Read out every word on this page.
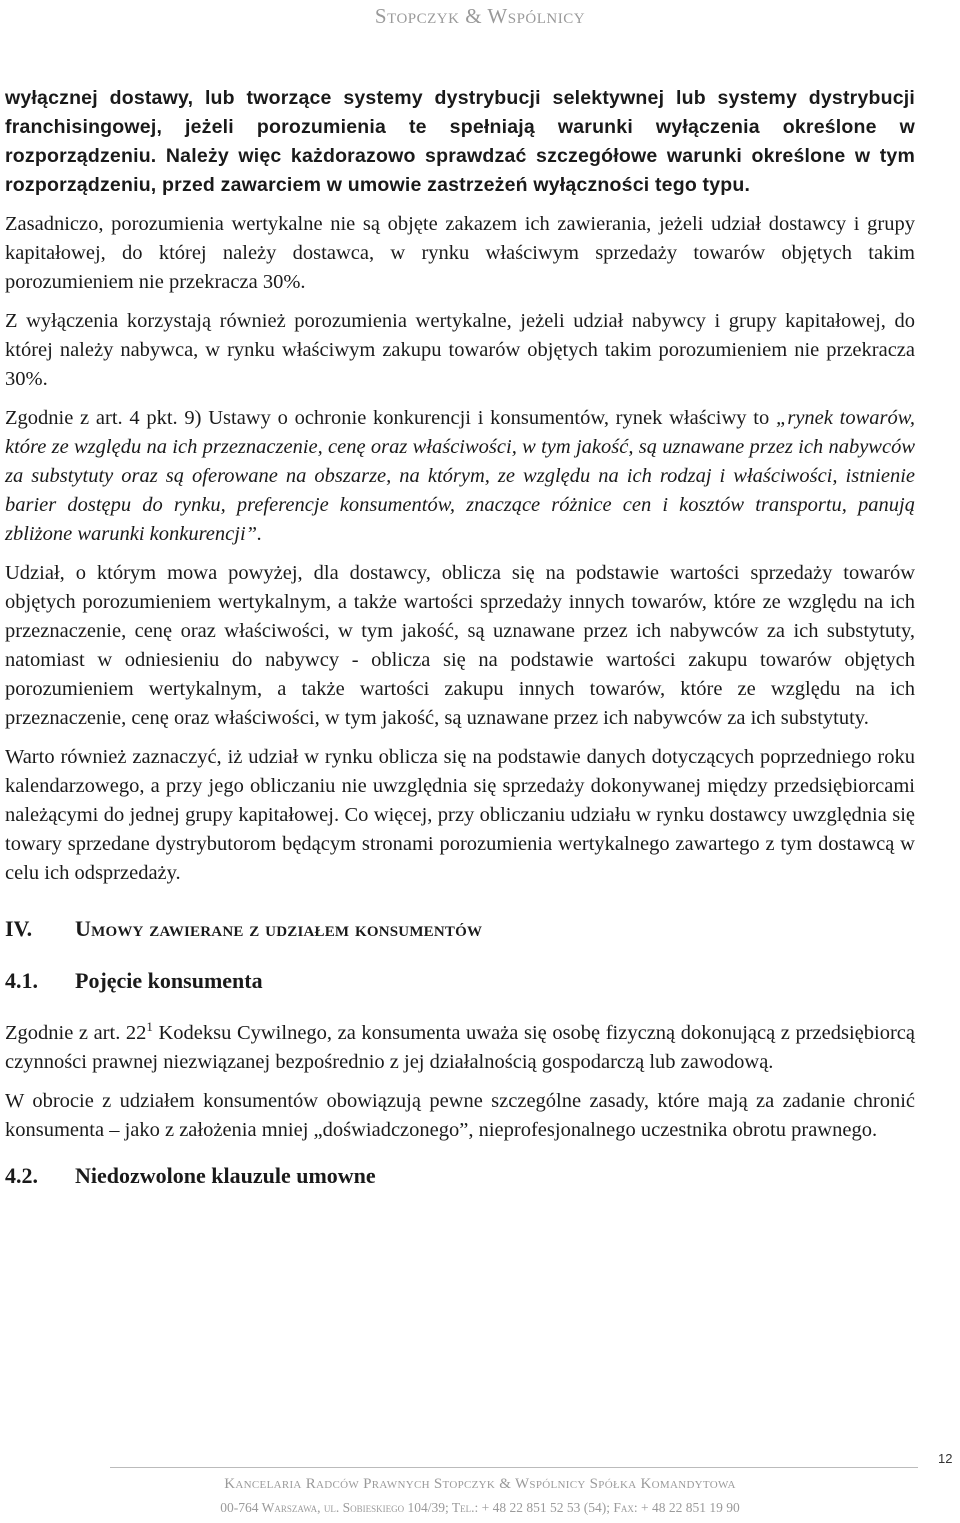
Stopczyk & Wspólnicy

wyłącznej dostawy, lub tworzące systemy dystrybucji selektywnej lub systemy dystrybucji franchisingowej, jeżeli porozumienia te spełniają warunki wyłączenia określone w rozporządzeniu. Należy więc każdorazowo sprawdzać szczegółowe warunki określone w tym rozporządzeniu, przed zawarciem w umowie zastrzeżeń wyłączności tego typu.

Zasadniczo, porozumienia wertykalne nie są objęte zakazem ich zawierania, jeżeli udział dostawcy i grupy kapitałowej, do której należy dostawca, w rynku właściwym sprzedaży towarów objętych takim porozumieniem nie przekracza 30%.

Z wyłączenia korzystają również porozumienia wertykalne, jeżeli udział nabywcy i grupy kapitałowej, do której należy nabywca, w rynku właściwym zakupu towarów objętych takim porozumieniem nie przekracza 30%.

Zgodnie z art. 4 pkt. 9) Ustawy o ochronie konkurencji i konsumentów, rynek właściwy to „rynek towarów, które ze względu na ich przeznaczenie, cenę oraz właściwości, w tym jakość, są uznawane przez ich nabywców za substytuty oraz są oferowane na obszarze, na którym, ze względu na ich rodzaj i właściwości, istnienie barier dostępu do rynku, preferencje konsumentów, znaczące różnice cen i kosztów transportu, panują zbliżone warunki konkurencji”.

Udział, o którym mowa powyżej, dla dostawcy, oblicza się na podstawie wartości sprzedaży towarów objętych porozumieniem wertykalnym, a także wartości sprzedaży innych towarów, które ze względu na ich przeznaczenie, cenę oraz właściwości, w tym jakość, są uznawane przez ich nabywców za ich substytuty, natomiast w odniesieniu do nabywcy - oblicza się na podstawie wartości zakupu towarów objętych porozumieniem wertykalnym, a także wartości zakupu innych towarów, które ze względu na ich przeznaczenie, cenę oraz właściwości, w tym jakość, są uznawane przez ich nabywców za ich substytuty.

Warto również zaznaczyć, iż udział w rynku oblicza się na podstawie danych dotyczących poprzedniego roku kalendarzowego, a przy jego obliczaniu nie uwzględnia się sprzedaży dokonywanej między przedsiębiorcami należącymi do jednej grupy kapitałowej. Co więcej, przy obliczaniu udziału w rynku dostawcy uwzględnia się towary sprzedane dystrybutorom będącym stronami porozumienia wertykalnego zawartego z tym dostawcą w celu ich odsprzedaży.

IV.	Umowy zawierane z udziałem konsumentów
4.1.	Pojęcie konsumenta

Zgodnie z art. $22^1$ Kodeksu Cywilnego, za konsumenta uważa się osobę fizyczną dokonującą z przedsiębiorcą czynności prawnej niezwiązanej bezpośrednio z jej działalnością gospodarczą lub zawodową.

W obrocie z udziałem konsumentów obowiązują pewne szczególne zasady, które mają za zadanie chronić konsumenta – jako z założenia mniej „doświadczonego”, nieprofesjonalnego uczestnika obrotu prawnego.

4.2.	Niedozwolone klauzule umowne
12
Kancelaria Radców Prawnych Stopczyk & Wspólnicy Spółka Komandytowa
00-764 Warszawa, ul. Sobieskiego 104/39; Tel.: + 48 22 851 52 53 (54); Fax: + 48 22 851 19 90
